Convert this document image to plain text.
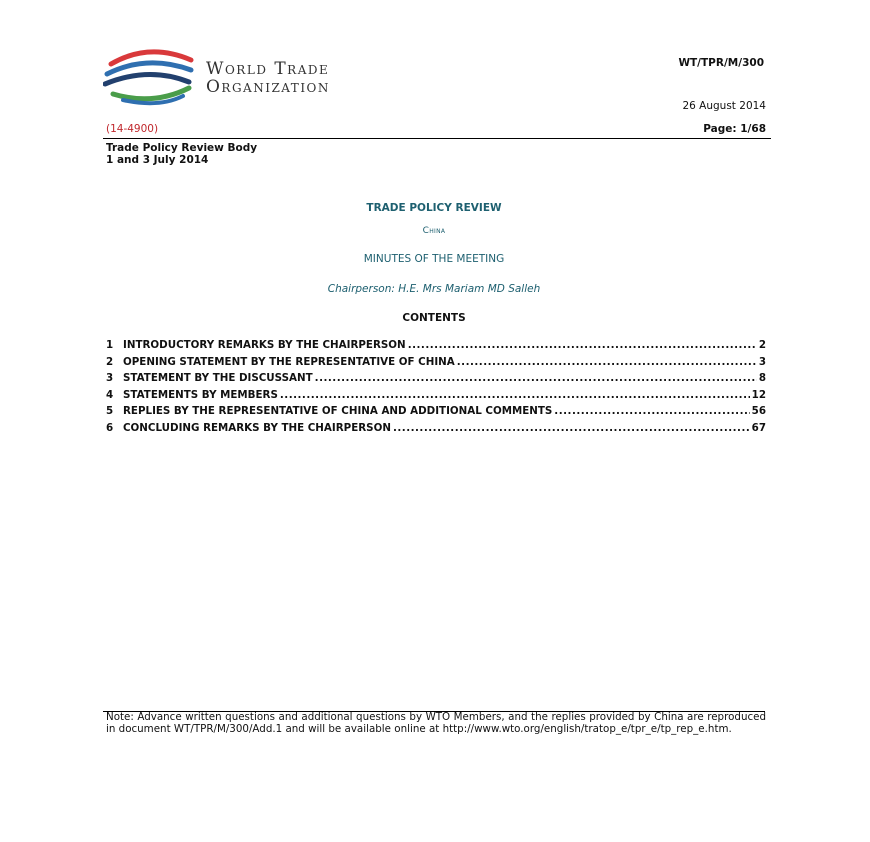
World Trade
Organization
WT/TPR/M/300
26 August 2014
(14-4900)	Page: 1/68
Trade Policy Review Body
1 and 3 July 2014
TRADE POLICY REVIEW
China
MINUTES OF THE MEETING
Chairperson: H.E. Mrs Mariam MD Salleh
CONTENTS
1 INTRODUCTORY REMARKS BY THE CHAIRPERSON .....	2
2 OPENING STATEMENT BY THE REPRESENTATIVE OF CHINA .....	3
3 STATEMENT BY THE DISCUSSANT .....	8
4 STATEMENTS BY MEMBERS .....	12
5 REPLIES BY THE REPRESENTATIVE OF CHINA AND ADDITIONAL COMMENTS .....	56
6 CONCLUDING REMARKS BY THE CHAIRPERSON .....	67
Note: Advance written questions and additional questions by WTO Members, and the replies provided by China are reproduced in document WT/TPR/M/300/Add.1 and will be available online at http://www.wto.org/english/tratop_e/tpr_e/tp_rep_e.htm.
